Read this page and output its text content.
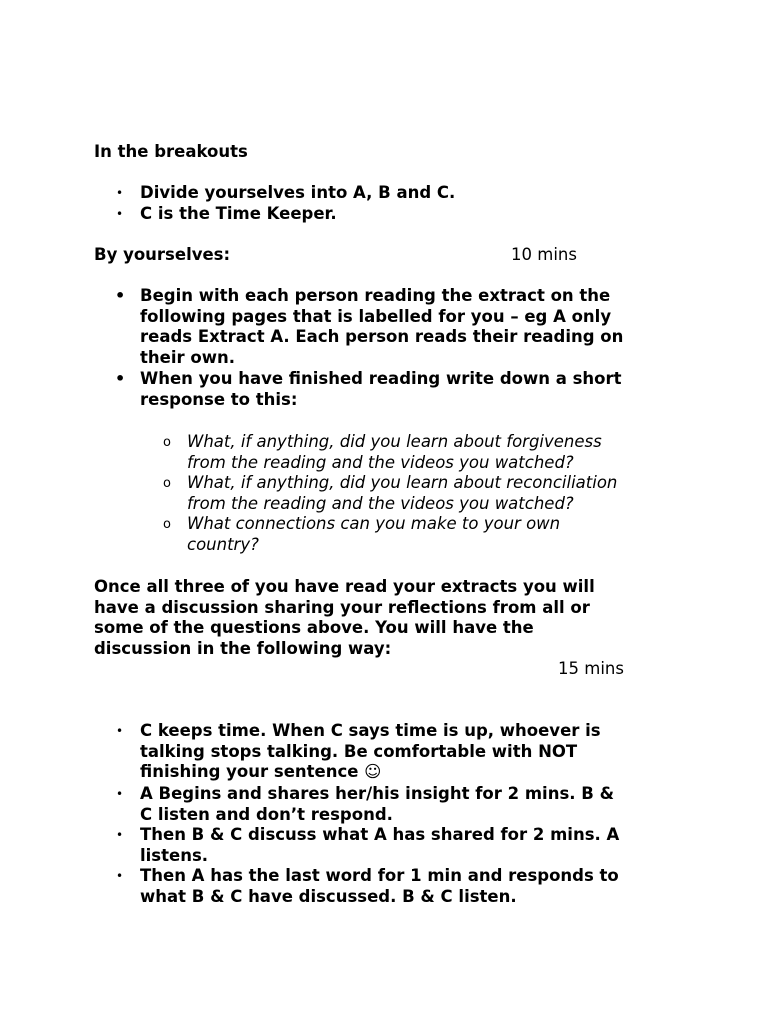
In the breakouts
• Divide yourselves into A, B and C.
• C is the Time Keeper.
By yourselves:	10 mins
• Begin with each person reading the extract on the
following pages that is labelled for you – eg A only
reads Extract A. Each person reads their reading on
their own.
• When you have finished reading write down a short
response to this:
o What, if anything, did you learn about forgiveness
from the reading and the videos you watched?
o What, if anything, did you learn about reconciliation
from the reading and the videos you watched?
o What connections can you make to your own
country?
Once all three of you have read your extracts you will
have a discussion sharing your reflections from all or
some of the questions above. You will have the
discussion in the following way:
15 mins
• C keeps time. When C says time is up, whoever is
talking stops talking. Be comfortable with NOT
finishing your sentence ☺
• A Begins and shares her/his insight for 2 mins. B &
C listen and don’t respond.
• Then B & C discuss what A has shared for 2 mins. A
listens.
• Then A has the last word for 1 min and responds to
what B & C have discussed. B & C listen.
